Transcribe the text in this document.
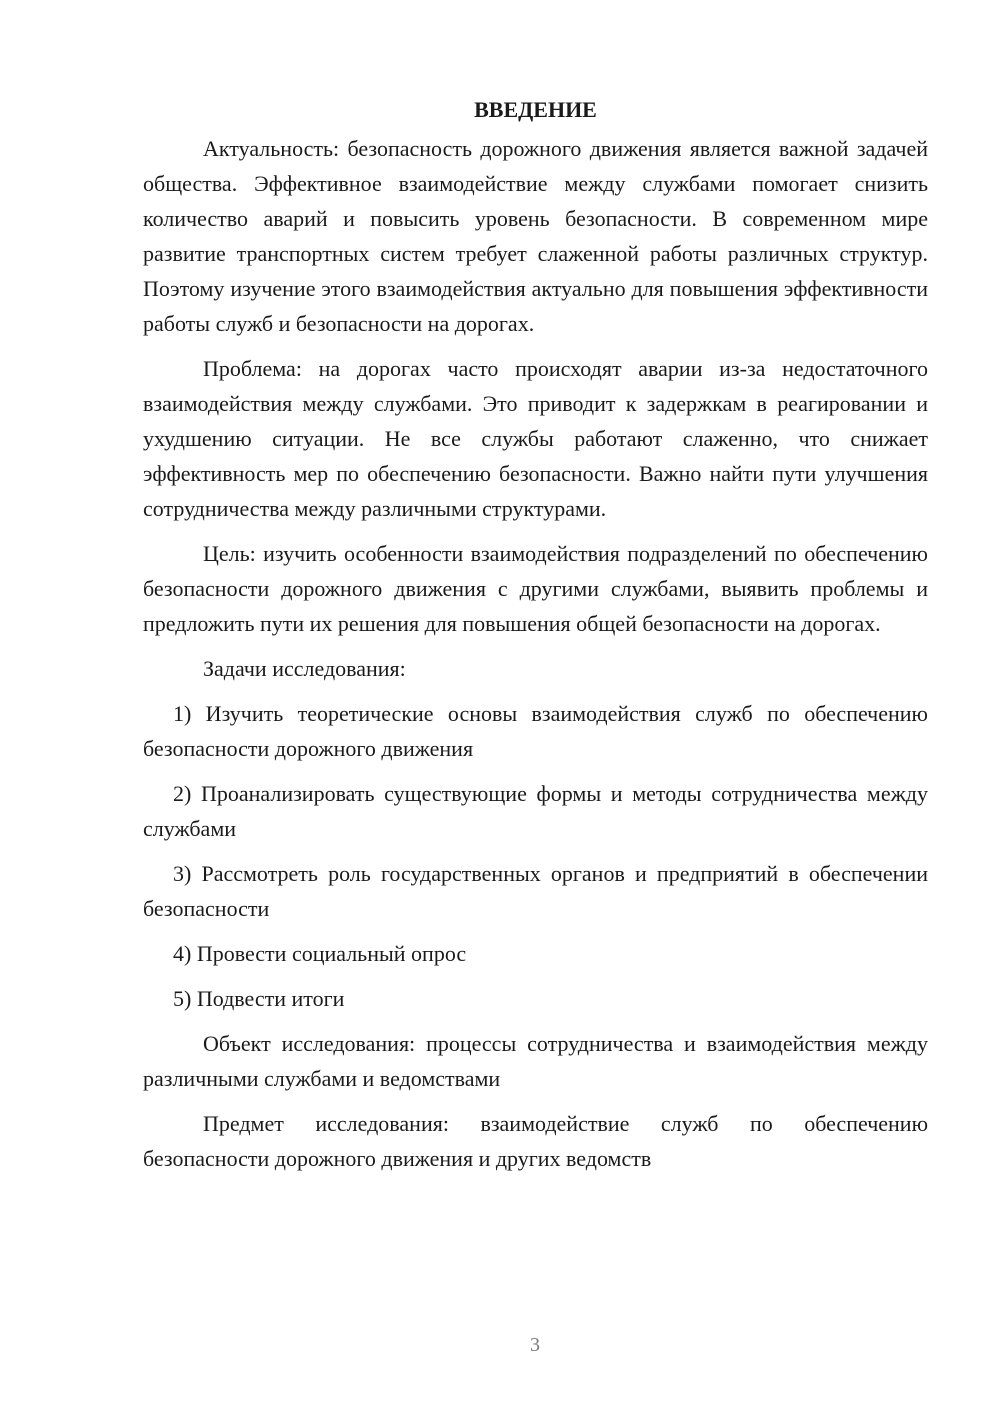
ВВЕДЕНИЕ

Актуальность: безопасность дорожного движения является важной задачей общества. Эффективное взаимодействие между службами помогает снизить количество аварий и повысить уровень безопасности. В современном мире развитие транспортных систем требует слаженной работы различных структур. Поэтому изучение этого взаимодействия актуально для повышения эффективности работы служб и безопасности на дорогах.

Проблема: на дорогах часто происходят аварии из-за недостаточного взаимодействия между службами. Это приводит к задержкам в реагировании и ухудшению ситуации. Не все службы работают слаженно, что снижает эффективность мер по обеспечению безопасности. Важно найти пути улучшения сотрудничества между различными структурами.

Цель: изучить особенности взаимодействия подразделений по обеспечению безопасности дорожного движения с другими службами, выявить проблемы и предложить пути их решения для повышения общей безопасности на дорогах.

Задачи исследования:

1) Изучить теоретические основы взаимодействия служб по обеспечению безопасности дорожного движения

2) Проанализировать существующие формы и методы сотрудничества между службами

3) Рассмотреть роль государственных органов и предприятий в обеспечении безопасности

4) Провести социальный опрос

5) Подвести итоги

Объект исследования: процессы сотрудничества и взаимодействия между различными службами и ведомствами

Предмет исследования: взаимодействие служб по обеспечению безопасности дорожного движения и других ведомств

3
